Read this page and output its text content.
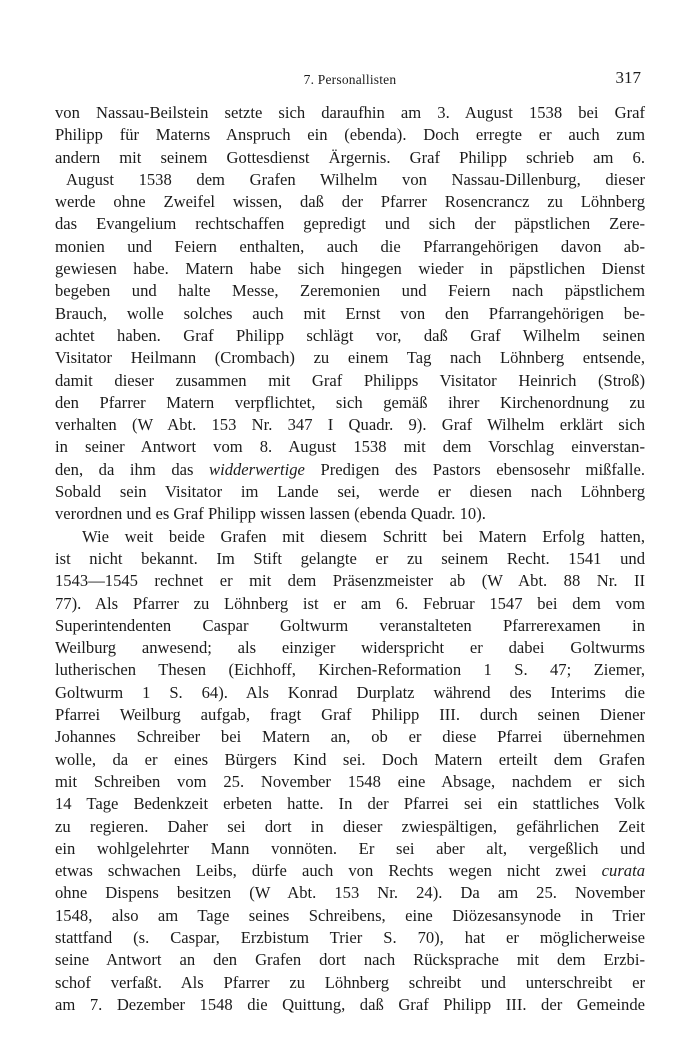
7. Personallisten	317
von Nassau-Beilstein setzte sich daraufhin am 3. August 1538 bei Graf
Philipp für Materns Anspruch ein (ebenda). Doch erregte er auch zum
andern mit seinem Gottesdienst Ärgernis. Graf Philipp schrieb am 6.
August 1538 dem Grafen Wilhelm von Nassau-Dillenburg, dieser
werde ohne Zweifel wissen, daß der Pfarrer Rosencrancz zu Löhnberg
das Evangelium rechtschaffen gepredigt und sich der päpstlichen Zere-
monien und Feiern enthalten, auch die Pfarrangehörigen davon ab-
gewiesen habe. Matern habe sich hingegen wieder in päpstlichen Dienst
begeben und halte Messe, Zeremonien und Feiern nach päpstlichem
Brauch, wolle solches auch mit Ernst von den Pfarrangehörigen be-
achtet haben. Graf Philipp schlägt vor, daß Graf Wilhelm seinen
Visitator Heilmann (Crombach) zu einem Tag nach Löhnberg entsende,
damit dieser zusammen mit Graf Philipps Visitator Heinrich (Stroß)
den Pfarrer Matern verpflichtet, sich gemäß ihrer Kirchenordnung zu
verhalten (W Abt. 153 Nr. 347 I Quadr. 9). Graf Wilhelm erklärt sich
in seiner Antwort vom 8. August 1538 mit dem Vorschlag einverstan-
den, da ihm das widderwertige Predigen des Pastors ebensosehr mißfalle.
Sobald sein Visitator im Lande sei, werde er diesen nach Löhnberg
verordnen und es Graf Philipp wissen lassen (ebenda Quadr. 10).
Wie weit beide Grafen mit diesem Schritt bei Matern Erfolg hatten,
ist nicht bekannt. Im Stift gelangte er zu seinem Recht. 1541 und
1543—1545 rechnet er mit dem Präsenzmeister ab (W Abt. 88 Nr. II
77). Als Pfarrer zu Löhnberg ist er am 6. Februar 1547 bei dem vom
Superintendenten Caspar Goltwurm veranstalteten Pfarrerexamen in
Weilburg anwesend; als einziger widerspricht er dabei Goltwurms
lutherischen Thesen (Eichhoff, Kirchen-Reformation 1 S. 47; Ziemer,
Goltwurm 1 S. 64). Als Konrad Durplatz während des Interims die
Pfarrei Weilburg aufgab, fragt Graf Philipp III. durch seinen Diener
Johannes Schreiber bei Matern an, ob er diese Pfarrei übernehmen
wolle, da er eines Bürgers Kind sei. Doch Matern erteilt dem Grafen
mit Schreiben vom 25. November 1548 eine Absage, nachdem er sich
14 Tage Bedenkzeit erbeten hatte. In der Pfarrei sei ein stattliches Volk
zu regieren. Daher sei dort in dieser zwiespältigen, gefährlichen Zeit
ein wohlgelehrter Mann vonnöten. Er sei aber alt, vergeßlich und
etwas schwachen Leibs, dürfe auch von Rechts wegen nicht zwei curata
ohne Dispens besitzen (W Abt. 153 Nr. 24). Da am 25. November
1548, also am Tage seines Schreibens, eine Diözesansynode in Trier
stattfand (s. Caspar, Erzbistum Trier S. 70), hat er möglicherweise
seine Antwort an den Grafen dort nach Rücksprache mit dem Erzbi-
schof verfaßt. Als Pfarrer zu Löhnberg schreibt und unterschreibt er
am 7. Dezember 1548 die Quittung, daß Graf Philipp III. der Gemeinde
